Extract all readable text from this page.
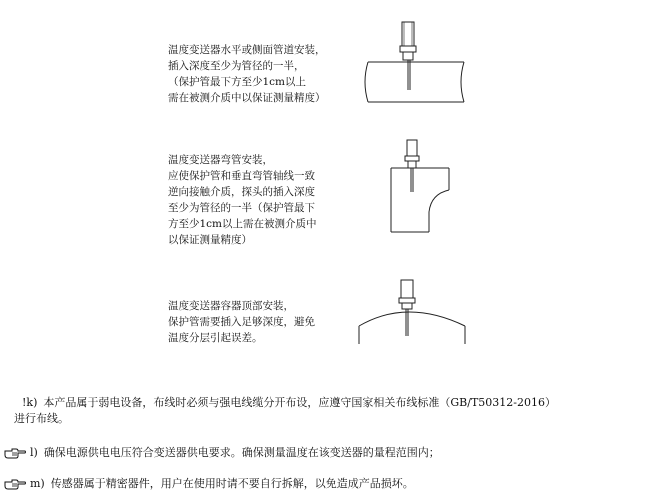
温度变送器水平或侧面管道安装，
插入深度至少为管径的一半，
（保护管最下方至少1cm以上
需在被测介质中以保证测量精度）
温度变送器弯管安装，
应使保护管和垂直弯管轴线一致
逆向接触介质，探头的插入深度
至少为管径的一半（保护管最下
方至少1cm以上需在被测介质中
以保证测量精度）
温度变送器容器顶部安装，
保护管需要插入足够深度，避免
温度分层引起误差。
!k) 本产品属于弱电设备，布线时必须与强电线缆分开布设，应遵守国家相关布线标准（GB/T50312-2016）
进行布线。
l) 确保电源供电电压符合变送器供电要求。确保测量温度在该变送器的量程范围内；
m) 传感器属于精密器件，用户在使用时请不要自行拆解，以免造成产品损坏。
